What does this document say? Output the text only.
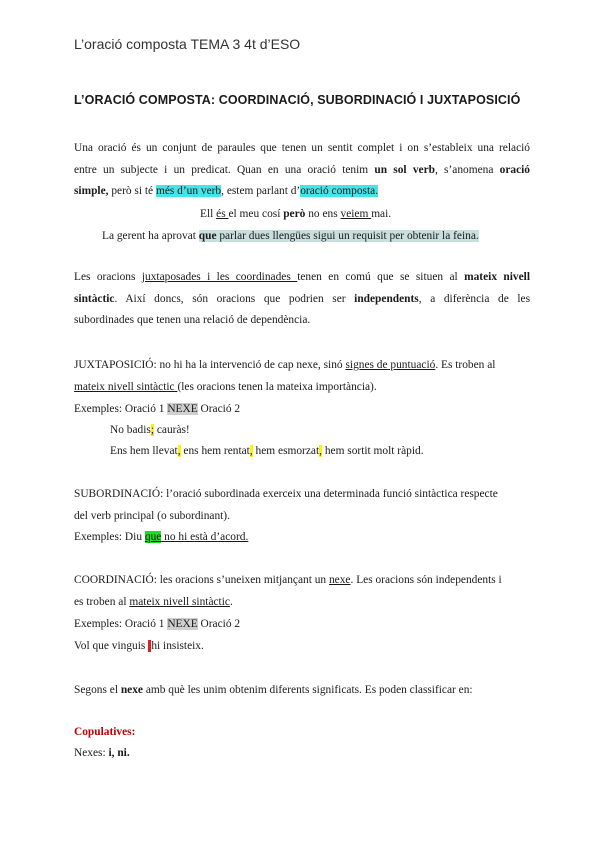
L’oració composta TEMA 3 4t d’ESO
L’ORACIÓ COMPOSTA: COORDINACIÓ, SUBORDINACIÓ I JUXTAPOSICIÓ
Una oració és un conjunt de paraules que tenen un sentit complet i on s’estableix una relació
entre un subjecte i un predicat. Quan en una oració tenim un sol verb, s’anomena oració
simple, però si té més d’un verb, estem parlant d’oració composta.
Ell és el meu cosí però no ens veiem mai.
La gerent ha aprovat que parlar dues llengües sigui un requisit per obtenir la feina.
Les oracions juxtaposades i les coordinades tenen en comú que se situen al mateix nivell
sintàctic. Així doncs, són oracions que podrien ser independents, a diferència de les
subordinades que tenen una relació de dependència.
JUXTAPOSICIÓ: no hi ha la intervenció de cap nexe, sinó signes de puntuació. Es troben al
mateix nivell sintàctic (les oracions tenen la mateixa importància).
Exemples: Oració 1 NEXE Oració 2
No badis; cauràs!
Ens hem llevat, ens hem rentat, hem esmorzat, hem sortit molt ràpid.
SUBORDINACIÓ: l’oració subordinada exerceix una determinada funció sintàctica respecte
del verb principal (o subordinant).
Exemples: Diu que no hi està d’acord.
COORDINACIÓ: les oracions s’uneixen mitjançant un nexe. Les oracions són independents i
es troben al mateix nivell sintàctic.
Exemples: Oració 1 NEXE Oració 2
Vol que vinguis ihi insisteix.
Segons el nexe amb què les unim obtenim diferents significats. Es poden classificar en:
Copulatives:
Nexes: i, ni.
